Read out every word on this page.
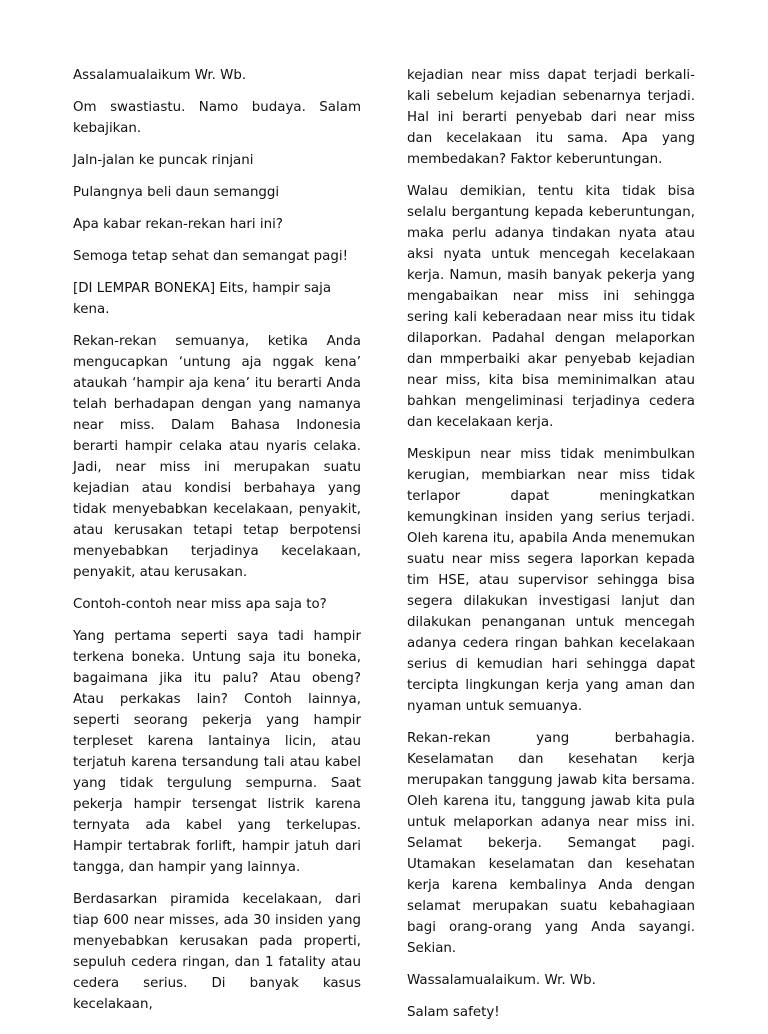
Assalamualaikum Wr. Wb.

Om swastiastu. Namo budaya. Salam kebajikan.

Jaln-jalan ke puncak rinjani

Pulangnya beli daun semanggi

Apa kabar rekan-rekan hari ini?

Semoga tetap sehat dan semangat pagi!

[DI LEMPAR BONEKA] Eits, hampir saja kena.

Rekan-rekan semuanya, ketika Anda mengucapkan ‘untung aja nggak kena’ ataukah ‘hampir aja kena’ itu berarti Anda telah berhadapan dengan yang namanya near miss. Dalam Bahasa Indonesia berarti hampir celaka atau nyaris celaka. Jadi, near miss ini merupakan suatu kejadian atau kondisi berbahaya yang tidak menyebabkan kecelakaan, penyakit, atau kerusakan tetapi tetap berpotensi menyebabkan terjadinya kecelakaan, penyakit, atau kerusakan.

Contoh-contoh near miss apa saja to?

Yang pertama seperti saya tadi hampir terkena boneka. Untung saja itu boneka, bagaimana jika itu palu? Atau obeng? Atau perkakas lain? Contoh lainnya, seperti seorang pekerja yang hampir terpleset karena lantainya licin, atau terjatuh karena tersandung tali atau kabel yang tidak tergulung sempurna. Saat pekerja hampir tersengat listrik karena ternyata ada kabel yang terkelupas. Hampir tertabrak forlift, hampir jatuh dari tangga, dan hampir yang lainnya.

Berdasarkan piramida kecelakaan, dari tiap 600 near misses, ada 30 insiden yang menyebabkan kerusakan pada properti, sepuluh cedera ringan, dan 1 fatality atau cedera serius. Di banyak kasus kecelakaan,

kejadian near miss dapat terjadi berkali-kali sebelum kejadian sebenarnya terjadi. Hal ini berarti penyebab dari near miss dan kecelakaan itu sama. Apa yang membedakan? Faktor keberuntungan.

Walau demikian, tentu kita tidak bisa selalu bergantung kepada keberuntungan, maka perlu adanya tindakan nyata atau aksi nyata untuk mencegah kecelakaan kerja. Namun, masih banyak pekerja yang mengabaikan near miss ini sehingga sering kali keberadaan near miss itu tidak dilaporkan. Padahal dengan melaporkan dan mmperbaiki akar penyebab kejadian near miss, kita bisa meminimalkan atau bahkan mengeliminasi terjadinya cedera dan kecelakaan kerja.

Meskipun near miss tidak menimbulkan kerugian, membiarkan near miss tidak terlapor dapat meningkatkan kemungkinan insiden yang serius terjadi. Oleh karena itu, apabila Anda menemukan suatu near miss segera laporkan kepada tim HSE, atau supervisor sehingga bisa segera dilakukan investigasi lanjut dan dilakukan penanganan untuk mencegah adanya cedera ringan bahkan kecelakaan serius di kemudian hari sehingga dapat tercipta lingkungan kerja yang aman dan nyaman untuk semuanya.

Rekan-rekan yang berbahagia. Keselamatan dan kesehatan kerja merupakan tanggung jawab kita bersama. Oleh karena itu, tanggung jawab kita pula untuk melaporkan adanya near miss ini. Selamat bekerja. Semangat pagi. Utamakan keselamatan dan kesehatan kerja karena kembalinya Anda dengan selamat merupakan suatu kebahagiaan bagi orang-orang yang Anda sayangi. Sekian.

Wassalamualaikum. Wr. Wb.

Salam safety!
